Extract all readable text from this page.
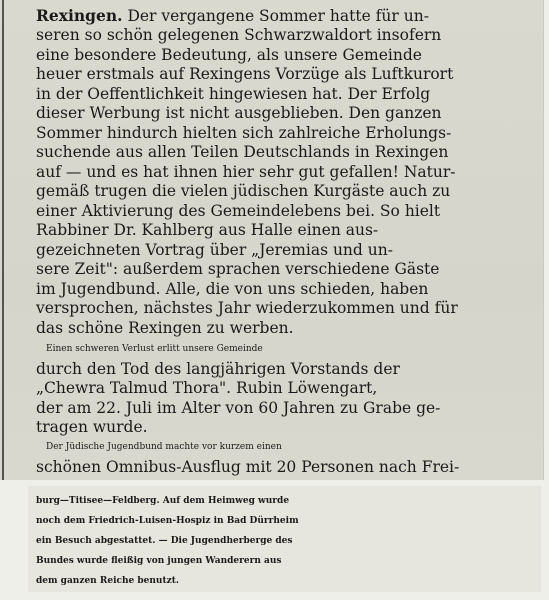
Rexingen. Der vergangene Sommer hatte für un-
seren so schön gelegenen Schwarzwaldort insofern
eine besondere Bedeutung, als unsere Gemeinde
heuer erstmals auf Rexingens Vorzüge als Luftkurort
in der Oeffentlichkeit hingewiesen hat. Der Erfolg
dieser Werbung ist nicht ausgeblieben. Den ganzen
Sommer hindurch hielten sich zahlreiche Erholungs-
suchende aus allen Teilen Deutschlands in Rexingen
auf — und es hat ihnen hier sehr gut gefallen! Natur-
gemäß trugen die vielen jüdischen Kurgäste auch zu
einer Aktivierung des Gemeindelebens bei. So hielt
Rabbiner Dr. Kahlberg aus Halle einen aus-
gezeichneten Vortrag über „Jeremias und un-
sere Zeit": außerdem sprachen verschiedene Gäste
im Jugendbund. Alle, die von uns schieden, haben
versprochen, nächstes Jahr wiederzukommen und für
das schöne Rexingen zu werben.
Einen schweren Verlust erlitt unsere Gemeinde
durch den Tod des langjährigen Vorstands der
„Chewra Talmud Thora". Rubin Löwengart,
der am 22. Juli im Alter von 60 Jahren zu Grabe ge-
tragen wurde.
Der Jüdische Jugendbund machte vor kurzem einen
schönen Omnibus-Ausflug mit 20 Personen nach Frei-
burg—Titisee—Feldberg. Auf dem Heimweg wurde
noch dem Friedrich-Luisen-Hospiz in Bad Dürrheim
ein Besuch abgestattet. — Die Jugendherberge des
Bundes wurde fleißig von jungen Wanderern aus
dem ganzen Reiche benutzt.
